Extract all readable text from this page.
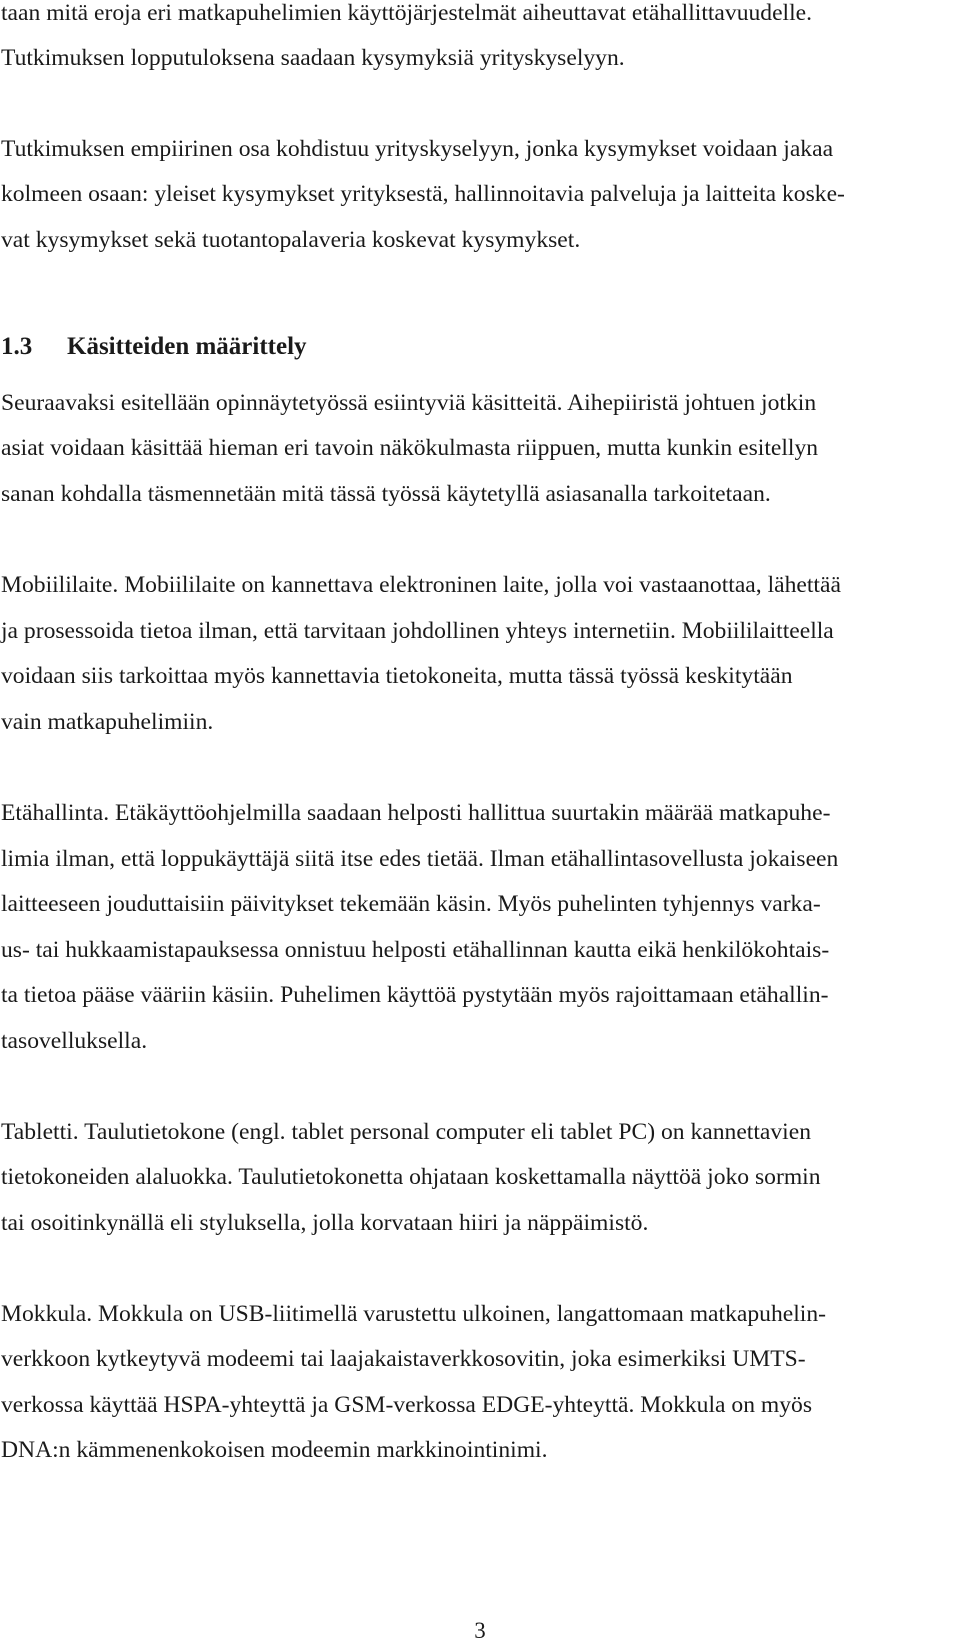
taan mitä eroja eri matkapuhelimien käyttöjärjestelmät aiheuttavat etähallittavuudelle.
Tutkimuksen lopputuloksena saadaan kysymyksiä yrityskyselyyn.
Tutkimuksen empiirinen osa kohdistuu yrityskyselyyn, jonka kysymykset voidaan jakaa
kolmeen osaan: yleiset kysymykset yrityksestä, hallinnoitavia palveluja ja laitteita koske-
vat kysymykset sekä tuotantopalaveria koskevat kysymykset.
1.3 Käsitteiden määrittely
Seuraavaksi esitellään opinnäytetyössä esiintyviä käsitteitä. Aihepiiristä johtuen jotkin
asiat voidaan käsittää hieman eri tavoin näkökulmasta riippuen, mutta kunkin esitellyn
sanan kohdalla täsmennetään mitä tässä työssä käytetyllä asiasanalla tarkoitetaan.
Mobiililaite. Mobiililaite on kannettava elektroninen laite, jolla voi vastaanottaa, lähettää
ja prosessoida tietoa ilman, että tarvitaan johdollinen yhteys internetiin. Mobiililaitteella
voidaan siis tarkoittaa myös kannettavia tietokoneita, mutta tässä työssä keskitytään
vain matkapuhelimiin.
Etähallinta. Etäkäyttöohjelmilla saadaan helposti hallittua suurtakin määrää matkapuhe-
limia ilman, että loppukäyttäjä siitä itse edes tietää. Ilman etähallintasovellusta jokaiseen
laitteeseen jouduttaisiin päivitykset tekemään käsin. Myös puhelinten tyhjennys varka-
us- tai hukkaamistapauksessa onnistuu helposti etähallinnan kautta eikä henkilökohtais-
ta tietoa pääse vääriin käsiin. Puhelimen käyttöä pystytään myös rajoittamaan etähallin-
tasovelluksella.
Tabletti. Taulutietokone (engl. tablet personal computer eli tablet PC) on kannettavien
tietokoneiden alaluokka. Taulutietokonetta ohjataan koskettamalla näyttöä joko sormin
tai osoitinkynällä eli styluksella, jolla korvataan hiiri ja näppäimistö.
Mokkula. Mokkula on USB-liitimellä varustettu ulkoinen, langattomaan matkapuhelin-
verkkoon kytkeytyvä modeemi tai laajakaistaverkkosovitin, joka esimerkiksi UMTS-
verkossa käyttää HSPA-yhteyttä ja GSM-verkossa EDGE-yhteyttä. Mokkula on myös
DNA:n kämmenenkokoisen modeemin markkinointinimi.
3
